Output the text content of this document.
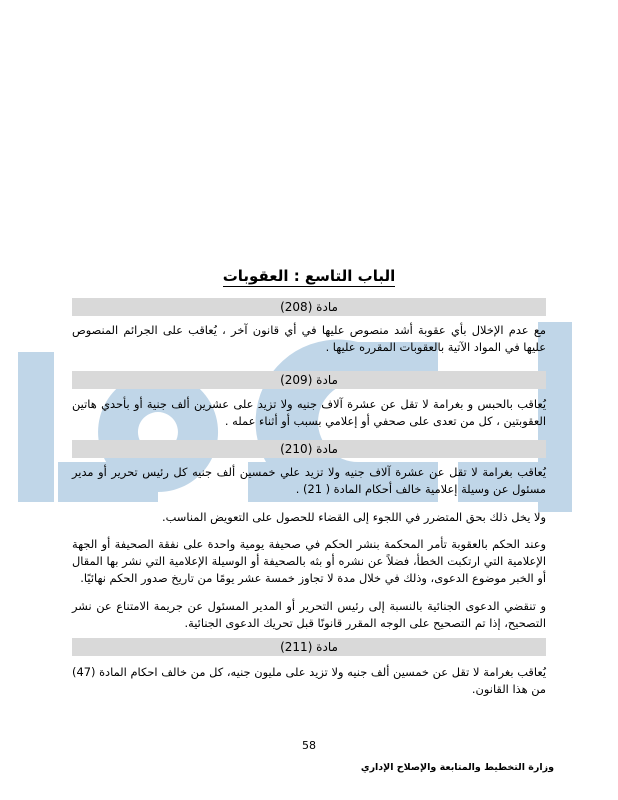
الباب التاسع : العقوبات
مادة (208)

مع عدم الإخلال بأي عقوبة أشد منصوص عليها في أي قانون آخر ، يُعاقب على الجرائم المنصوص عليها في المواد الآتية بالعقوبات المقرره عليها .

مادة (209)

يُعاقب بالحبس و بغرامة لا تقل عن عشرة آلاف جنيه ولا تزيد على عشرين ألف جنية أو بأحدي هاتين العقوبتين ، كل من تعدى على صحفي أو إعلامي بسبب أو أثناء عمله .

مادة (210)

يُعاقب بغرامة لا تقل عن عشرة آلاف جنيه ولا تزيد علي خمسين ألف جنيه كل رئيس تحرير أو مدير مسئول عن وسيلة إعلامية خالف أحكام المادة ( 21) .

ولا يخل ذلك بحق المتضرر في اللجوء إلى القضاء للحصول على التعويض المناسب.

وعند الحكم بالعقوبة تأمر المحكمة بنشر الحكم في صحيفة يومية واحدة على نفقة الصحيفة أو الجهة الإعلامية التي ارتكبت الخطأ، فضلاً عن نشره أو بثه بالصحيفة أو الوسيلة الإعلامية التي نشر بها المقال أو الخبر موضوع الدعوى، وذلك في خلال مدة لا تجاوز خمسة عشر يومًا من تاريخ صدور الحكم نهائيًا.

و تنقضي الدعوى الجنائية بالنسبة إلى رئيس التحرير أو المدير المسئول عن جريمة الامتناع عن نشر التصحيح، إذا تم التصحيح على الوجه المقرر قانونًا قبل تحريك الدعوى الجنائية.

مادة (211)

يُعاقب بغرامة لا تقل عن خمسين ألف جنيه ولا تزيد على مليون جنيه، كل من خالف احكام المادة (47) من هذا القانون.

58
وزارة التخطيط والمتابعة والإصلاح الإداري
